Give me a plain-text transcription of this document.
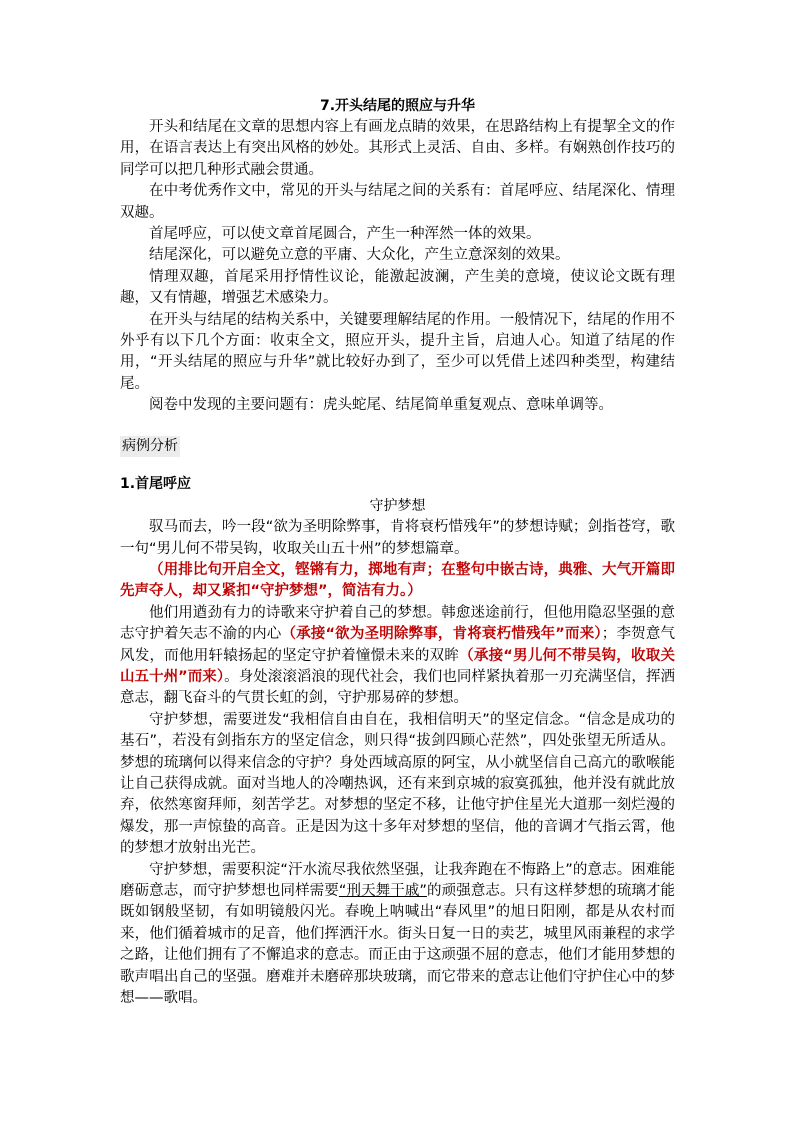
7.开头结尾的照应与升华

开头和结尾在文章的思想内容上有画龙点睛的效果，在思路结构上有提挈全文的作用，在语言表达上有突出风格的妙处。其形式上灵活、自由、多样。有娴熟创作技巧的同学可以把几种形式融会贯通。

在中考优秀作文中，常见的开头与结尾之间的关系有：首尾呼应、结尾深化、情理双趣。

首尾呼应，可以使文章首尾圆合，产生一种浑然一体的效果。

结尾深化，可以避免立意的平庸、大众化，产生立意深刻的效果。

情理双趣，首尾采用抒情性议论，能激起波澜，产生美的意境，使议论文既有理趣，又有情趣，增强艺术感染力。

在开头与结尾的结构关系中，关键要理解结尾的作用。一般情况下，结尾的作用不外乎有以下几个方面：收束全文，照应开头，提升主旨，启迪人心。知道了结尾的作用，“开头结尾的照应与升华”就比较好办到了，至少可以凭借上述四种类型，构建结尾。

阅卷中发现的主要问题有：虎头蛇尾、结尾简单重复观点、意味单调等。

病例分析
1.首尾呼应
守护梦想

驭马而去，吟一段“欲为圣明除弊事，肯将衰朽惜残年”的梦想诗赋；剑指苍穹，歌一句“男儿何不带吴钩，收取关山五十州”的梦想篇章。

（用排比句开启全文，铿锵有力，掷地有声；在整句中嵌古诗，典雅、大气开篇即先声夺人，却又紧扣“守护梦想”，简洁有力。）

他们用遒劲有力的诗歌来守护着自己的梦想。韩愈迷途前行，但他用隐忍坚强的意志守护着矢志不渝的内心（承接“欲为圣明除弊事，肯将衰朽惜残年”而来）；李贺意气风发，而他用轩辕扬起的坚定守护着憧憬未来的双眸（承接“男儿何不带吴钩，收取关山五十州”而来）。身处滚滚滔浪的现代社会，我们也同样紧执着那一刃充满坚信，挥洒意志，翻飞奋斗的气贯长虹的剑，守护那易碎的梦想。

守护梦想，需要迸发“我相信自由自在，我相信明天”的坚定信念。“信念是成功的基石”，若没有剑指东方的坚定信念，则只得“拔剑四顾心茫然”，四处张望无所适从。梦想的琉璃何以得来信念的守护？身处西域高原的阿宝，从小就坚信自己高亢的歌喉能让自己获得成就。面对当地人的冷嘲热讽，还有来到京城的寂寞孤独，他并没有就此放弃，依然寒窗拜师，刻苦学艺。对梦想的坚定不移，让他守护住星光大道那一刻烂漫的爆发，那一声惊蛰的高音。正是因为这十多年对梦想的坚信，他的音调才气指云霄，他的梦想才放射出光芒。

守护梦想，需要积淀“汗水流尽我依然坚强，让我奔跑在不悔路上”的意志。困难能磨砺意志，而守护梦想也同样需要“刑天舞干戚”的顽强意志。只有这样梦想的琉璃才能既如钢般坚韧，有如明镜般闪光。春晚上呐喊出“春风里”的旭日阳刚，都是从农村而来，他们循着城市的足音，他们挥洒汗水。街头日复一日的卖艺，城里风雨兼程的求学之路，让他们拥有了不懈追求的意志。而正由于这顽强不屈的意志，他们才能用梦想的歌声唱出自己的坚强。磨难并未磨碎那块玻璃，而它带来的意志让他们守护住心中的梦想——歌唱。
